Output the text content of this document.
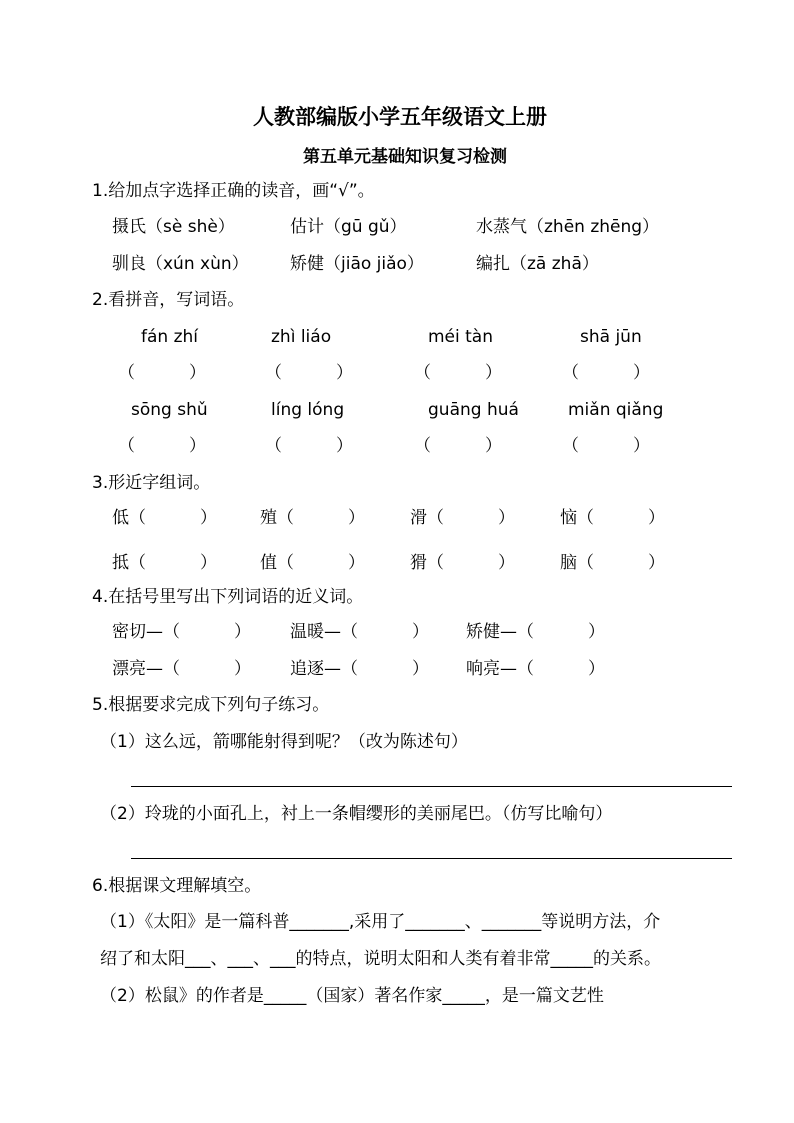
人教部编版小学五年级语文上册
第五单元基础知识复习检测
1.给加点字选择正确的读音，画“√”。
摄氏（sè shè）	估计（gū gǔ）	水蒸气（zhēn zhēng）
驯良（xún xùn） 矫健（jiāo jiǎo）	编扎（zā zhā）
2.看拼音，写词语。
fán zhí	zhì liáo	méi tàn	shā jūn
（          ）	（          ）	（          ）	（          ）
sōng shǔ	líng lóng	guāng huá	miǎn qiǎng
（          ）	（          ）	（          ）	（          ）
3.形近字组词。
低（          ）	殖（          ）	滑（          ）	恼（          ）
抵（          ）	值（          ）	猾（          ）	脑（          ）
4.在括号里写出下列词语的近义词。
密切—（          ） 温暖—（          ） 矫健—（          ）
漂亮—（          ） 追逐—（          ） 响亮—（          ）
5.根据要求完成下列句子练习。
（1）这么远，箭哪能射得到呢？（改为陈述句）
（2）玲珑的小面孔上，衬上一条帽缨形的美丽尾巴。（仿写比喻句）
6.根据课文理解填空。
（1）《太阳》是一篇科普_______,采用了_______、_______等说明方法，介
绍了和太阳___、___、___的特点，说明太阳和人类有着非常_____的关系。
（2）松鼠》的作者是_____（国家）著名作家_____，是一篇文艺性
